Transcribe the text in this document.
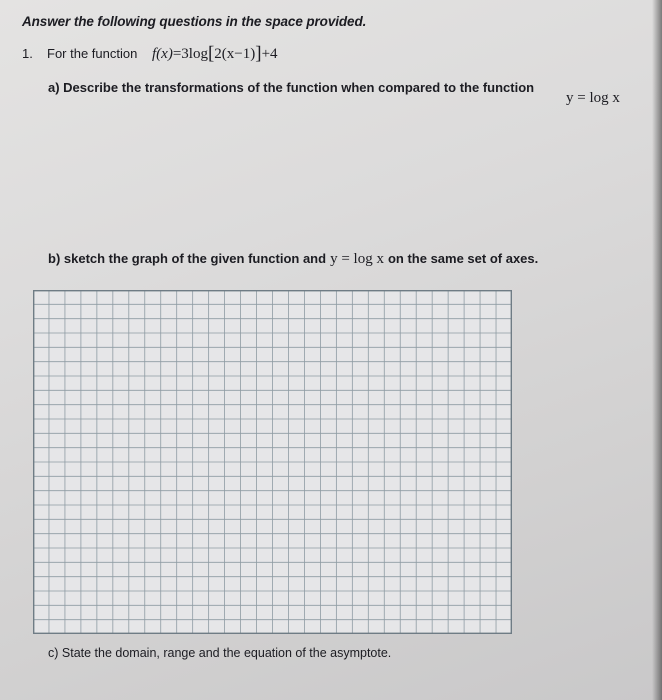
Answer the following questions in the space provided.
1. For the function f(x)=3log[2(x−1)]+4
a) Describe the transformations of the function when compared to the function
y = log x
b) sketch the graph of the given function and y = log x on the same set of axes.
c) State the domain, range and the equation of the asymptote.
